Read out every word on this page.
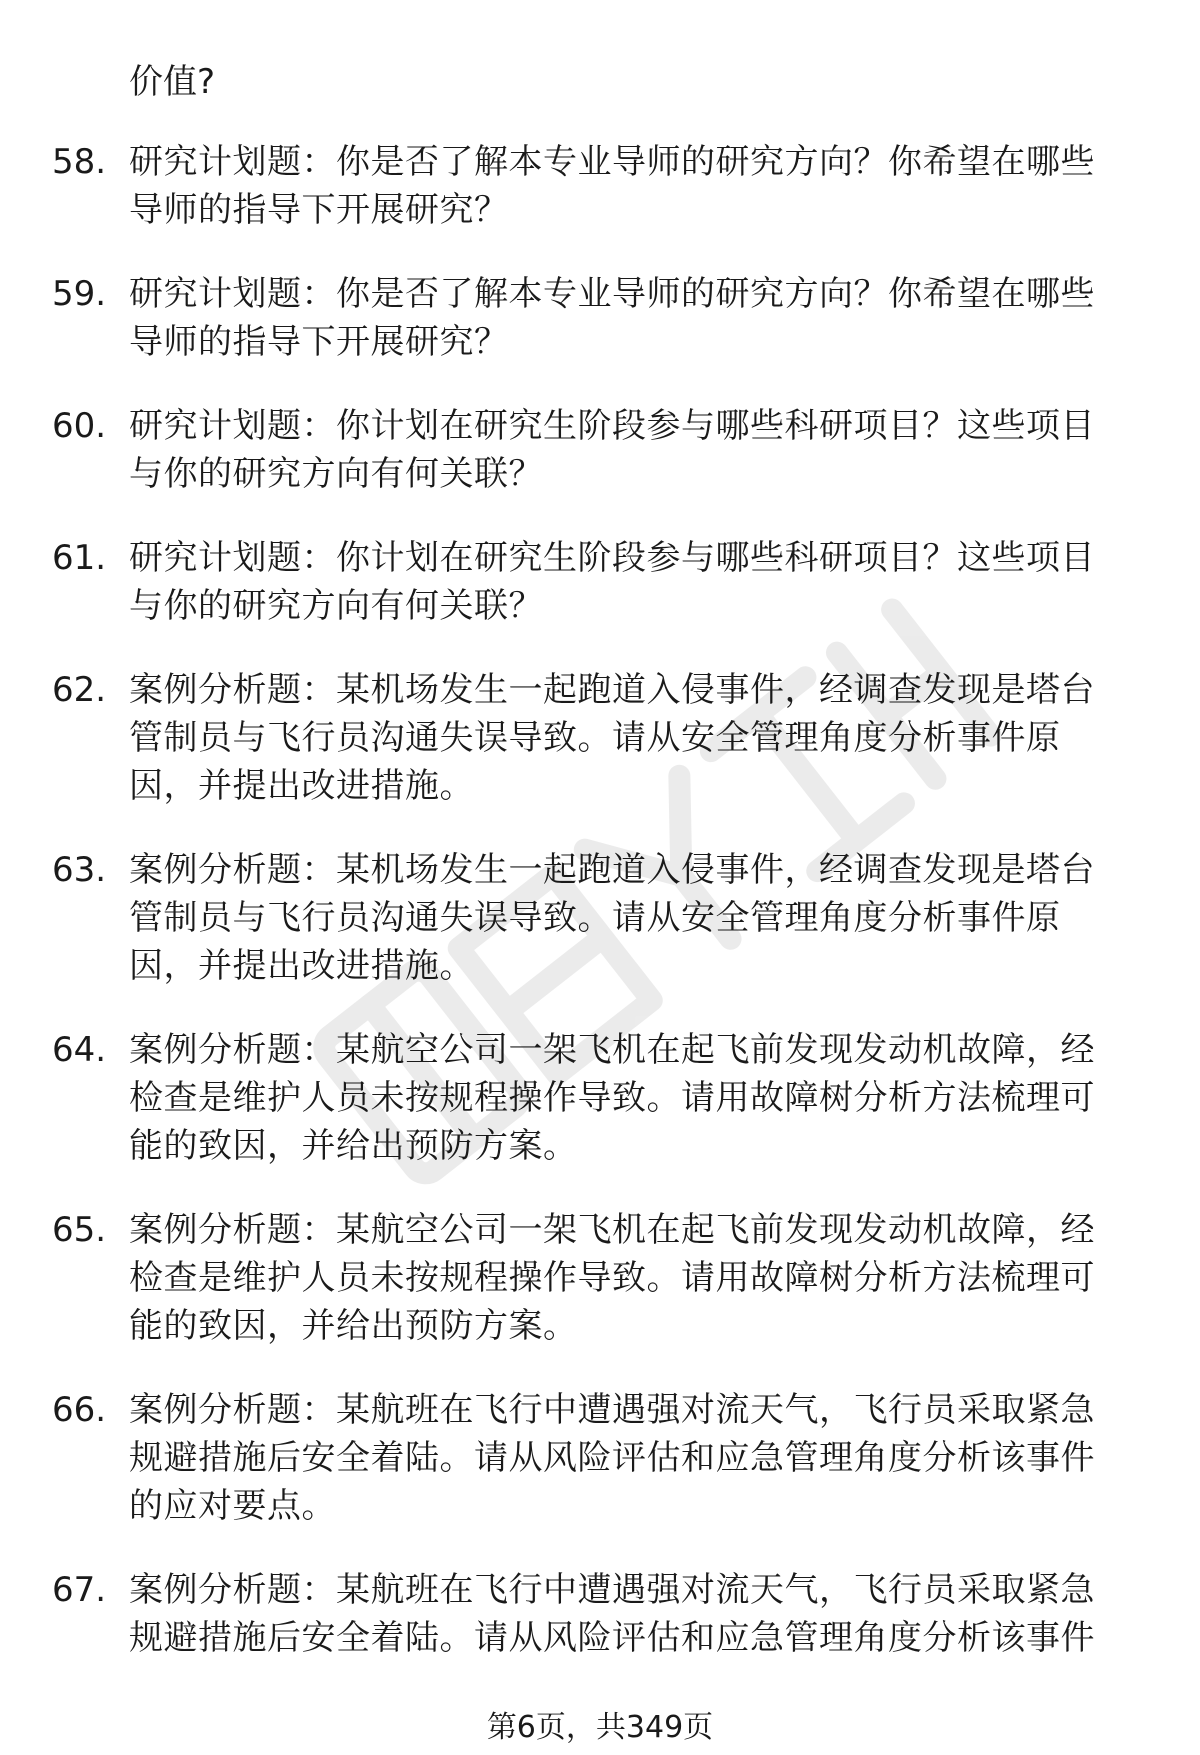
价值?

58. 研究计划题：你是否了解本专业导师的研究方向？你希望在哪些
导师的指导下开展研究？

59. 研究计划题：你是否了解本专业导师的研究方向？你希望在哪些
导师的指导下开展研究？

60. 研究计划题：你计划在研究生阶段参与哪些科研项目？这些项目
与你的研究方向有何关联？

61. 研究计划题：你计划在研究生阶段参与哪些科研项目？这些项目
与你的研究方向有何关联？

62. 案例分析题：某机场发生一起跑道入侵事件，经调查发现是塔台
管制员与飞行员沟通失误导致。请从安全管理角度分析事件原
因，并提出改进措施。

63. 案例分析题：某机场发生一起跑道入侵事件，经调查发现是塔台
管制员与飞行员沟通失误导致。请从安全管理角度分析事件原
因，并提出改进措施。

64. 案例分析题：某航空公司一架飞机在起飞前发现发动机故障，经
检查是维护人员未按规程操作导致。请用故障树分析方法梳理可
能的致因，并给出预防方案。

65. 案例分析题：某航空公司一架飞机在起飞前发现发动机故障，经
检查是维护人员未按规程操作导致。请用故障树分析方法梳理可
能的致因，并给出预防方案。

66. 案例分析题：某航班在飞行中遭遇强对流天气，飞行员采取紧急
规避措施后安全着陆。请从风险评估和应急管理角度分析该事件
的应对要点。

67. 案例分析题：某航班在飞行中遭遇强对流天气，飞行员采取紧急
规避措施后安全着陆。请从风险评估和应急管理角度分析该事件

第6页，共349页
